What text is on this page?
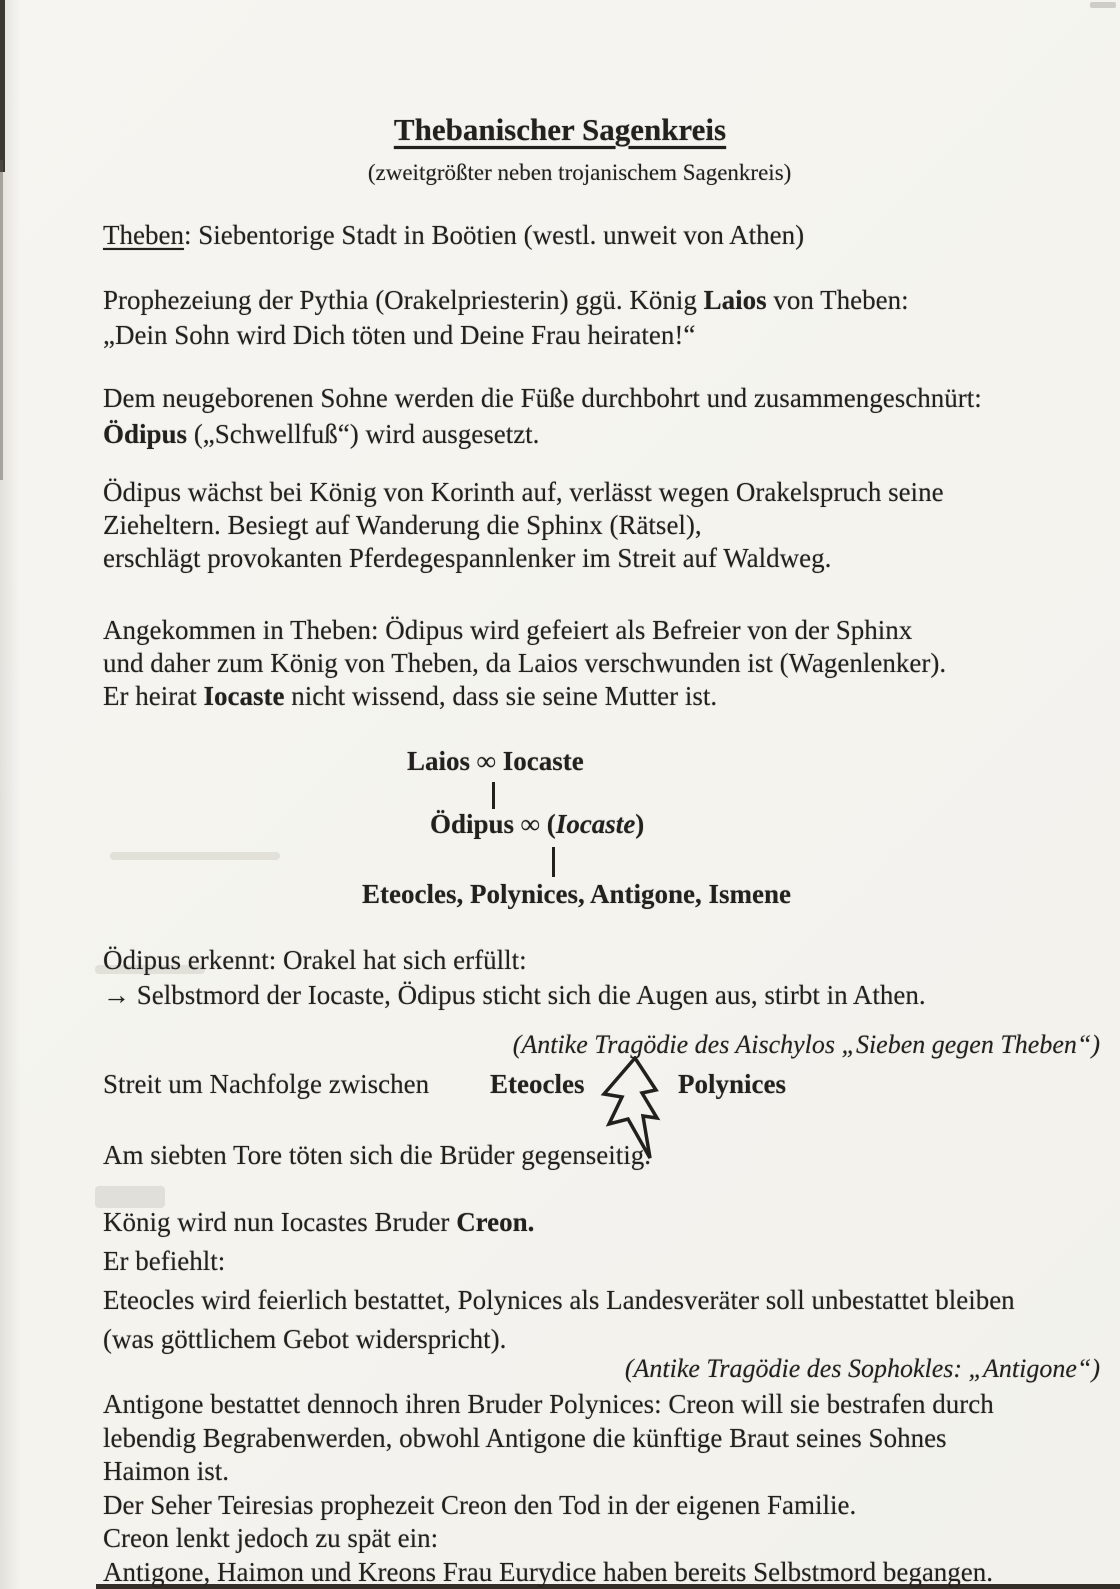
Thebanischer Sagenkreis
(zweitgrößter neben trojanischem Sagenkreis)
Theben: Siebentorige Stadt in Boötien (westl. unweit von Athen)
Prophezeiung der Pythia (Orakelpriesterin) ggü. König Laios von Theben:
„Dein Sohn wird Dich töten und Deine Frau heiraten!“
Dem neugeborenen Sohne werden die Füße durchbohrt und zusammengeschnürt:
Ödipus („Schwellfuß“) wird ausgesetzt.
Ödipus wächst bei König von Korinth auf, verlässt wegen Orakelspruch seine
Zieheltern. Besiegt auf Wanderung die Sphinx (Rätsel),
erschlägt provokanten Pferdegespannlenker im Streit auf Waldweg.
Angekommen in Theben: Ödipus wird gefeiert als Befreier von der Sphinx
und daher zum König von Theben, da Laios verschwunden ist (Wagenlenker).
Er heirat Iocaste nicht wissend, dass sie seine Mutter ist.
Laios ∞ Iocaste
Ödipus ∞ (Iocaste)
Eteocles, Polynices, Antigone, Ismene
Ödipus erkennt: Orakel hat sich erfüllt:
→ Selbstmord der Iocaste, Ödipus sticht sich die Augen aus, stirbt in Athen.
(Antike Tragödie des Aischylos „Sieben gegen Theben“)
Streit um Nachfolge zwischen Eteocles	Polynices
Am siebten Tore töten sich die Brüder gegenseitig.
König wird nun Iocastes Bruder Creon.
Er befiehlt:
Eteocles wird feierlich bestattet, Polynices als Landesveräter soll unbestattet bleiben
(was göttlichem Gebot widerspricht).
(Antike Tragödie des Sophokles: „Antigone“)
Antigone bestattet dennoch ihren Bruder Polynices: Creon will sie bestrafen durch
lebendig Begrabenwerden, obwohl Antigone die künftige Braut seines Sohnes
Haimon ist.
Der Seher Teiresias prophezeit Creon den Tod in der eigenen Familie.
Creon lenkt jedoch zu spät ein:
Antigone, Haimon und Kreons Frau Eurydice haben bereits Selbstmord begangen.
